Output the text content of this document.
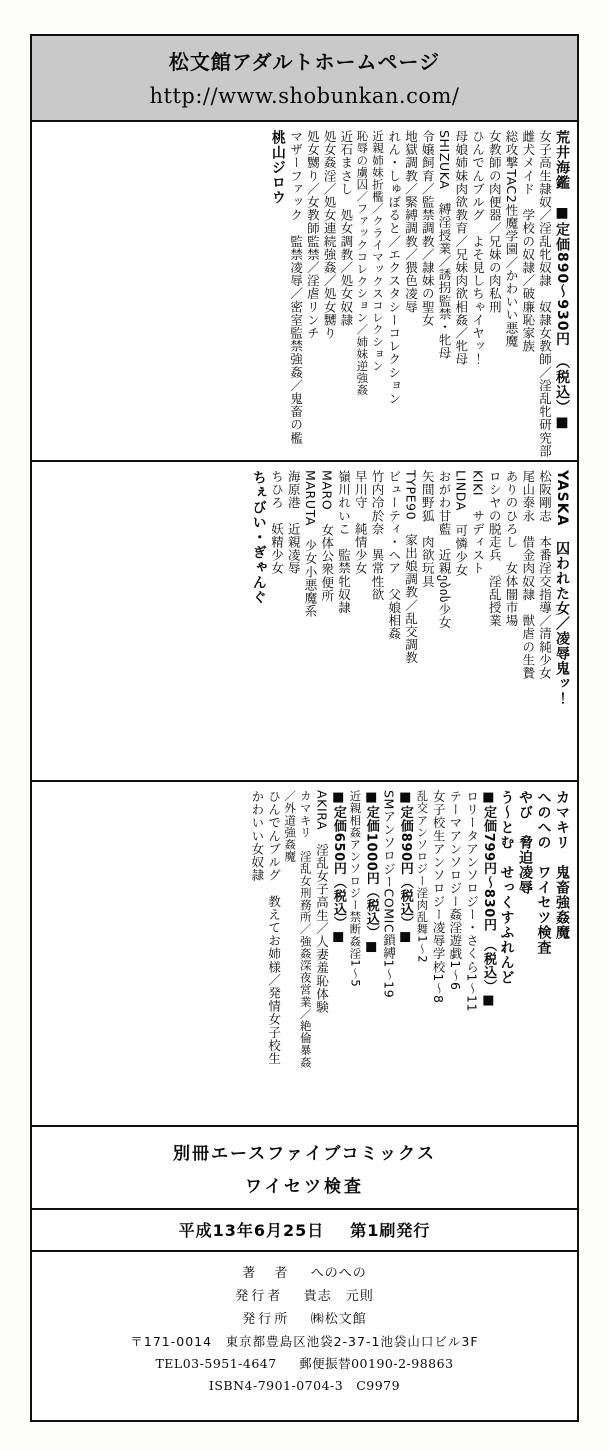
松文館アダルトホームページ
http://www.shobunkan.com/
荒井海鑑　■定価890〜930円　（税込）■
女子高生隷奴／淫乱牝奴隷　奴隷女教師／淫乱牝研究部
雌犬メイド　学校の奴隷／破廉恥家族
総攻撃TAC2性魔学園／かわいい悪魔
女教師の肉便器／兄妹の肉私刑
ひんでんブルグ　よそ見しちゃイヤッ！
母娘姉妹肉欲教育／兄妹肉欲相姦／牝母
SHIZUKA　縛淫授業／誘拐監禁・牝母
令嬢飼育／監禁調教／隷妹の聖女
地獄調教／緊縛調教／猥色凌辱
れん・しゅぼると／エクスタシーコレクション
近親姉妹折檻／クライマックスコレクション
恥辱の虜囚／ファックコレクション／姉妹逆強姦
近石まさし　処女調教／処女奴隷
処女姦淫／処女連続強姦／処女嬲り
処女嬲り／女教師監禁／淫虐リンチ
マザーファック　監禁凌辱／密室監禁強姦／鬼畜の檻
桃山ジロウ
YASKA　囚われた女／凌辱鬼ッ！
松阪剛志　本番淫交指導／清純少女
尾山泰永　借金肉奴隷　獣虐の生贄
ありのひろし　女体闇市場
ロシヤの脱走兵　淫乱授業
KIKI　サディスト
LINDA　可憐少女
おがわ甘藍　近親ების少女
矢間野狐　肉欲玩具
TYPE90　家出娘調教／乱交調教
ビューティ・ヘア　父娘相姦
竹内冷於奈　異常性欲
早川守　純情少女
嶺川れいこ　監禁牝奴隷
MARO　女体公衆便所
MARUTA　少女小悪魔系
海原港　近親凌辱
ちひろ　妖精少女
ちぇびい・ぎゃんぐ
カマキリ　鬼畜強姦魔
へのへの　ワイセツ検査
やび　脅迫凌辱
う〜とむ　せっくすふれんど
■定価799円〜830円　（税込）■
ロリータアンソロジー・さくら1〜11
テーマアンソロジー姦淫遊戯1〜6
女子校生アンソロジー凌辱学校1〜8
乱交アンソロジー淫肉乱舞1〜2
■定価890円（税込）■
SMアンソロジーCOMIC鎖縛1〜19
■定価1000円（税込）■
近親相姦アンソロジー禁断姦淫1〜5
■定価650円（税込）■
AKIRA　淫乱女子高生／人妻羞恥体験
カマキリ　淫乱女刑務所／強姦深夜営業／絶倫暴姦
／外道強姦魔
ひんでんブルグ　教えてお姉様／発情女子校生
かわいい女奴隷
別冊エースファイブコミックス
ワイセツ検査
平成13年6月25日 第1刷発行
著　者 へのへの
発行者 貴志　元則
発行所 ㈱松文館
〒171-0014　東京都豊島区池袋2-37-1池袋山口ビル3F
TEL03-5951-4647 郵便振替00190-2-98863
ISBN4-7901-0704-3　C9979
